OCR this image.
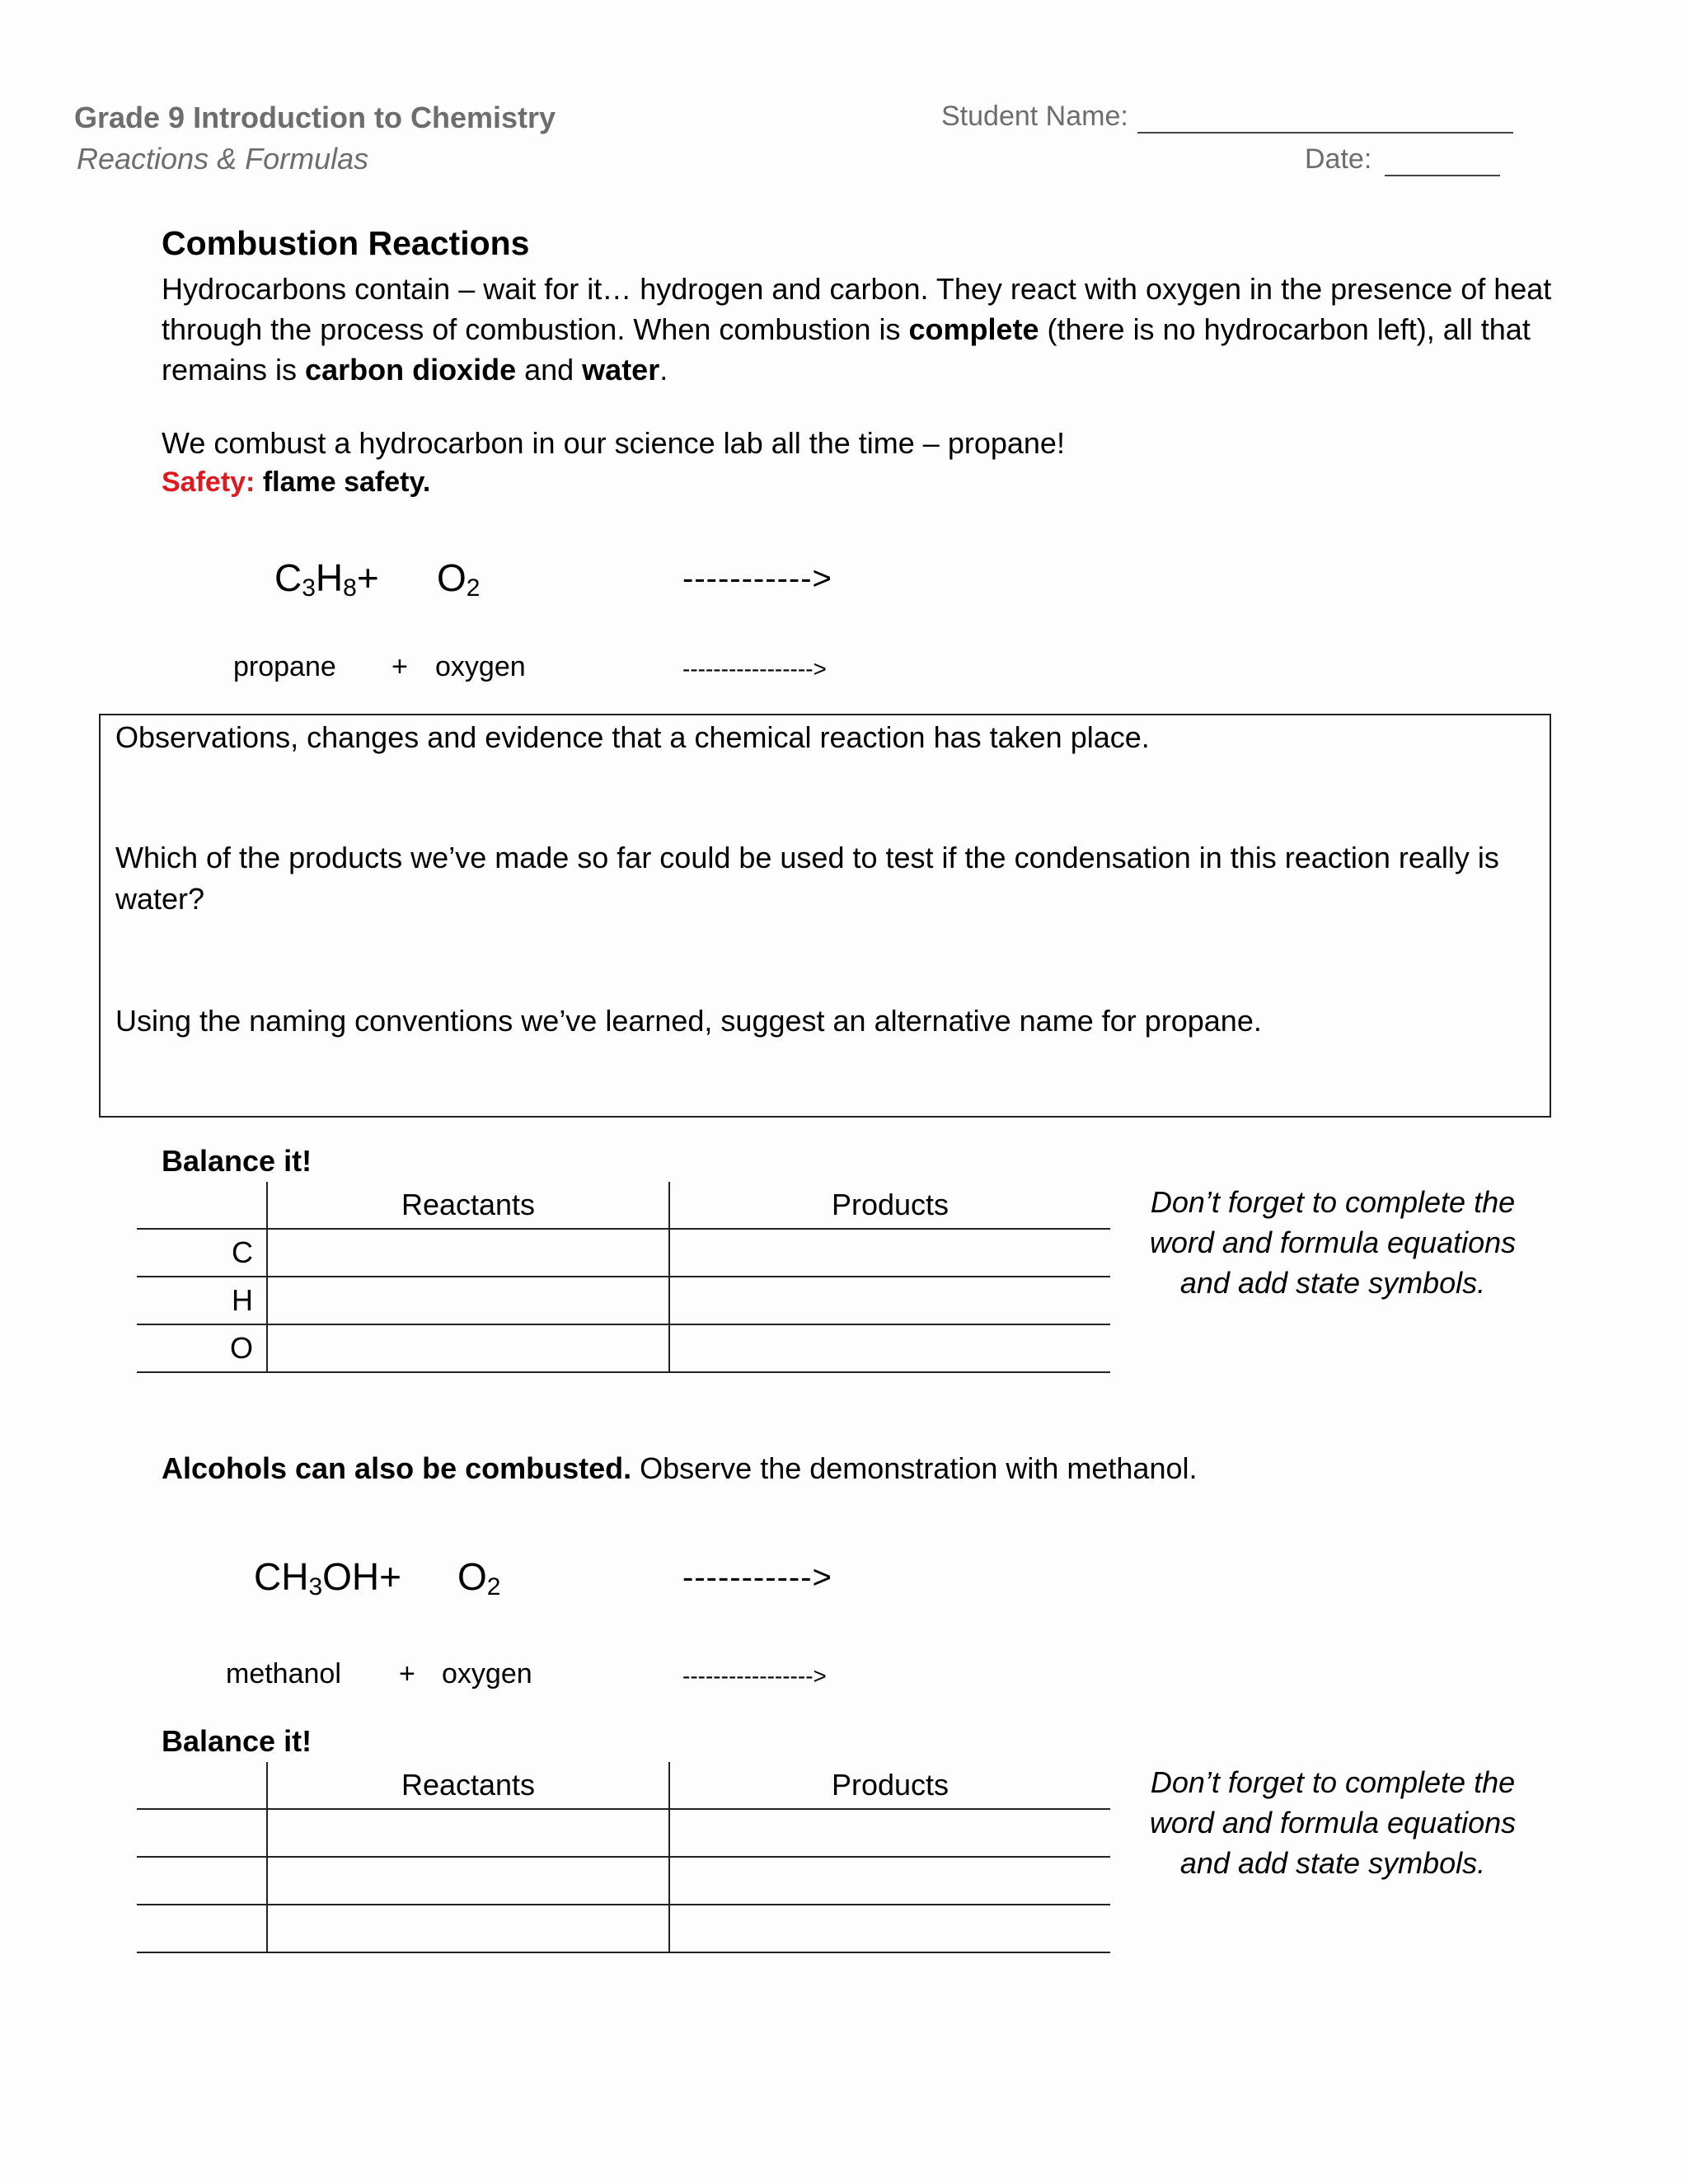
Grade 9 Introduction to Chemistry
Reactions & Formulas
Student Name:
Date:
Combustion Reactions

Hydrocarbons contain – wait for it… hydrogen and carbon. They react with oxygen in the presence of heat through the process of combustion. When combustion is complete (there is no hydrocarbon left), all that remains is carbon dioxide and water.

We combust a hydrocarbon in our science lab all the time – propane!
Safety: flame safety.
$C_3H_8+ O_2$	----------->
propane + oxygen	----------------->
Observations, changes and evidence that a chemical reaction has taken place.
Which of the products we’ve made so far could be used to test if the condensation in this reaction really is water?
Using the naming conventions we’ve learned, suggest an alternative name for propane.
Balance it!
	Reactants	Products
C		
H		
O		
Don’t forget to complete the word and formula equations and add state symbols.
Alcohols can also be combusted. Observe the demonstration with methanol.
$CH_3OH+ O_2$	----------->
methanol + oxygen	----------------->
Balance it!
	Reactants	Products

			Don’t forget to complete the word and formula equations and add state symbols.
